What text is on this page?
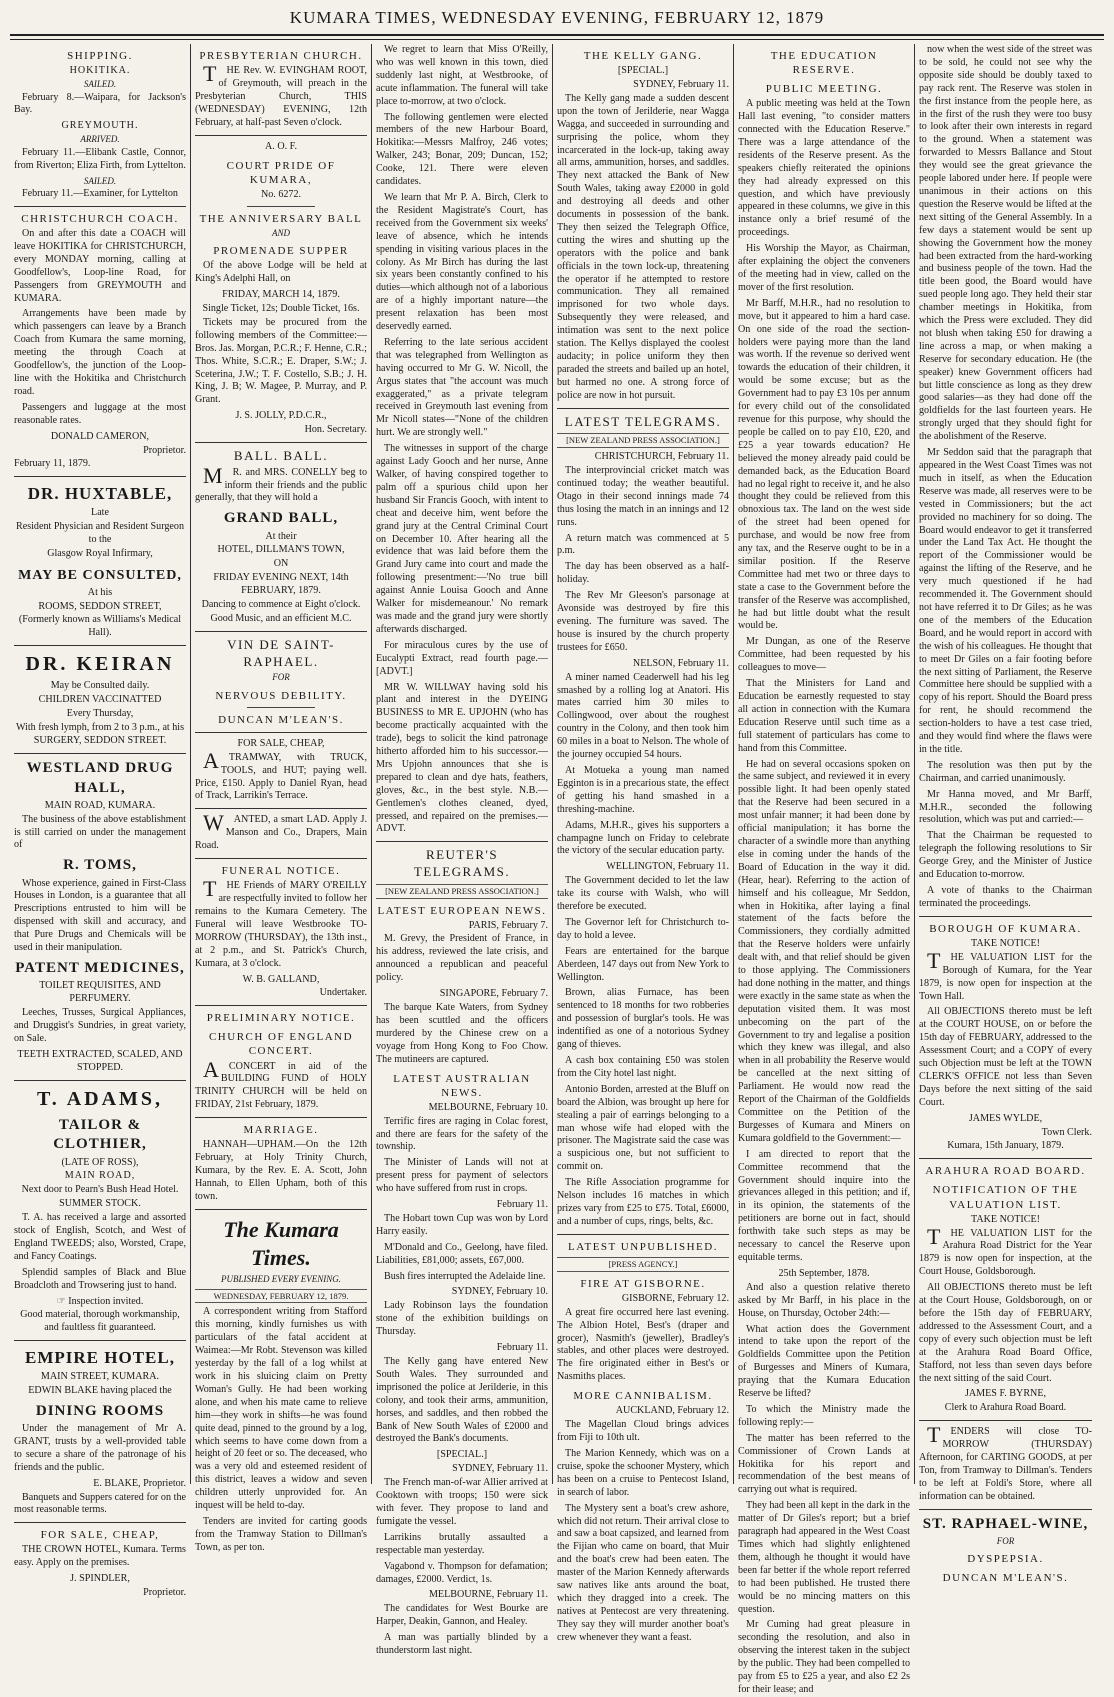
KUMARA TIMES, WEDNESDAY EVENING, FEBRUARY 12, 1879
SHIPPING.
HOKITIKA.
SAILED.

February 8.—Waipara, for Jackson's Bay.

GREYMOUTH.
ARRIVED.

February 11.—Elibank Castle, Connor, from Riverton; Eliza Firth, from Lyttelton.

SAILED.

February 11.—Examiner, for Lyttelton

CHRISTCHURCH COACH.

On and after this date a COACH will leave HOKITIKA for CHRISTCHURCH, every MONDAY morning, calling at Goodfellow's, Loop-line Road, for Passengers from GREYMOUTH and KUMARA.

Arrangements have been made by which passengers can leave by a Branch Coach from Kumara the same morning, meeting the through Coach at Goodfellow's, the junction of the Loop-line with the Hokitika and Christchurch road.

Passengers and luggage at the most reasonable rates.

DONALD CAMERON,
Proprietor.
February 11, 1879.
DR. HUXTABLE,
Late
Resident Physician and Resident Surgeon to the
Glasgow Royal Infirmary,
MAY BE CONSULTED,
At his
ROOMS, SEDDON STREET,
(Formerly known as Williams's Medical Hall).
DR. KEIRAN
May be Consulted daily.
CHILDREN VACCINATTED
Every Thursday,
With fresh lymph, from 2 to 3 p.m., at his
SURGERY, SEDDON STREET.
WESTLAND DRUG HALL,
MAIN ROAD, KUMARA.

The business of the above establishment is still carried on under the management of

R. TOMS,

Whose experience, gained in First-Class Houses in London, is a guarantee that all Prescriptions entrusted to him will be dispensed with skill and accuracy, and that Pure Drugs and Chemicals will be used in their manipulation.

PATENT MEDICINES,
TOILET REQUISITES, AND PERFUMERY.

Leeches, Trusses, Surgical Appliances, and Druggist's Sundries, in great variety, on Sale.

TEETH EXTRACTED, SCALED, AND STOPPED.
T. ADAMS,
TAILOR & CLOTHIER,
(LATE OF ROSS),
MAIN ROAD,
Next door to Pearn's Bush Head Hotel.
SUMMER STOCK.

T. A. has received a large and assorted stock of English, Scotch, and West of England TWEEDS; also, Worsted, Crape, and Fancy Coatings.

Splendid samples of Black and Blue Broadcloth and Trowsering just to hand.

☞ Inspection invited.
Good material, thorough workmanship, and faultless fit guaranteed.
EMPIRE HOTEL,
MAIN STREET, KUMARA.
EDWIN BLAKE having placed the
DINING ROOMS

Under the management of Mr A. GRANT, trusts by a well-provided table to secure a share of the patronage of his friends and the public.

E. BLAKE, Proprietor.

Banquets and Suppers catered for on the most reasonable terms.

FOR SALE, CHEAP,

THE CROWN HOTEL, Kumara. Terms easy. Apply on the premises.

J. SPINDLER,
Proprietor.
PRESBYTERIAN CHURCH.

THE Rev. W. EVINGHAM ROOT, of Greymouth, will preach in the Presbyterian Church, THIS (WEDNESDAY) EVENING, 12th February, at half-past Seven o'clock.

A. O. F.
COURT PRIDE OF KUMARA,
No. 6272.
THE ANNIVERSARY BALL
AND
PROMENADE SUPPER

Of the above Lodge will be held at King's Adelphi Hall, on

FRIDAY, MARCH 14, 1879.
Single Ticket, 12s; Double Ticket, 16s.

Tickets may be procured from the following members of the Committee:—Bros. Jas. Morgan, P.C.R.; F. Henne, C.R.; Thos. White, S.C.R.; E. Draper, S.W.; J. Sceterina, J.W.; T. F. Costello, S.B.; J. H. King, J. B; W. Magee, P. Murray, and P. Grant.

J. S. JOLLY, P.D.C.R.,
Hon. Secretary.
BALL. BALL.

MR. and MRS. CONELLY beg to inform their friends and the public generally, that they will hold a

GRAND BALL,
At their
HOTEL, DILLMAN'S TOWN,
ON
FRIDAY EVENING NEXT, 14th FEBRUARY, 1879.
Dancing to commence at Eight o'clock.
Good Music, and an efficient M.C.
VIN DE SAINT-RAPHAEL.
FOR
NERVOUS DEBILITY.
DUNCAN M'LEAN'S.
FOR SALE, CHEAP,

ATRAMWAY, with TRUCK, TOOLS, and HUT; paying well. Price, £150. Apply to Daniel Ryan, head of Track, Larrikin's Terrace.

WANTED, a smart LAD. Apply J. Manson and Co., Drapers, Main Road.

FUNERAL NOTICE.

THE Friends of MARY O'REILLY are respectfully invited to follow her remains to the Kumara Cemetery. The Funeral will leave Westbrooke TO-MORROW (THURSDAY), the 13th inst., at 2 p.m., and St. Patrick's Church, Kumara, at 3 o'clock.

W. B. GALLAND,
Undertaker.
PRELIMINARY NOTICE.
CHURCH OF ENGLAND CONCERT.

ACONCERT in aid of the BUILDING FUND of HOLY TRINITY CHURCH will be held on FRIDAY, 21st February, 1879.

MARRIAGE.

HANNAH—UPHAM.—On the 12th February, at Holy Trinity Church, Kumara, by the Rev. E. A. Scott, John Hannah, to Ellen Upham, both of this town.

The Kumara Times.
PUBLISHED EVERY EVENING.
WEDNESDAY, FEBRUARY 12, 1879.

A correspondent writing from Stafford this morning, kindly furnishes us with particulars of the fatal accident at Waimea:—Mr Robt. Stevenson was killed yesterday by the fall of a log whilst at work in his sluicing claim on Pretty Woman's Gully. He had been working alone, and when his mate came to relieve him—they work in shifts—he was found quite dead, pinned to the ground by a log, which seems to have come down from a height of 20 feet or so. The deceased, who was a very old and esteemed resident of this district, leaves a widow and seven children utterly unprovided for. An inquest will be held to-day.

Tenders are invited for carting goods from the Tramway Station to Dillman's Town, as per ton.

We regret to learn that Miss O'Reilly, who was well known in this town, died suddenly last night, at Westbrooke, of acute inflammation. The funeral will take place to-morrow, at two o'clock.

The following gentlemen were elected members of the new Harbour Board, Hokitika:—Messrs Malfroy, 246 votes; Walker, 243; Bonar, 209; Duncan, 152; Cooke, 121. There were eleven candidates.

We learn that Mr P. A. Birch, Clerk to the Resident Magistrate's Court, has received from the Government six weeks' leave of absence, which he intends spending in visiting various places in the colony. As Mr Birch has during the last six years been constantly confined to his duties—which although not of a laborious are of a highly important nature—the present relaxation has been most deservedly earned.

Referring to the late serious accident that was telegraphed from Wellington as having occurred to Mr G. W. Nicoll, the Argus states that "the account was much exaggerated," as a private telegram received in Greymouth last evening from Mr Nicoll states—"None of the children hurt. We are strongly well."

The witnesses in support of the charge against Lady Gooch and her nurse, Anne Walker, of having conspired together to palm off a spurious child upon her husband Sir Francis Gooch, with intent to cheat and deceive him, went before the grand jury at the Central Criminal Court on December 10. After hearing all the evidence that was laid before them the Grand Jury came into court and made the following presentment:—'No true bill against Annie Louisa Gooch and Anne Walker for misdemeanour.' No remark was made and the grand jury were shortly afterwards discharged.

For miraculous cures by the use of Eucalypti Extract, read fourth page.—[ADVT.]

MR W. WILLWAY having sold his plant and interest in the DYEING BUSINESS to MR E. UPJOHN (who has become practically acquainted with the trade), begs to solicit the kind patronage hitherto afforded him to his successor.—Mrs Upjohn announces that she is prepared to clean and dye hats, feathers, gloves, &c., in the best style. N.B.—Gentlemen's clothes cleaned, dyed, pressed, and repaired on the premises.—ADVT.

REUTER'S TELEGRAMS.
[NEW ZEALAND PRESS ASSOCIATION.]
LATEST EUROPEAN NEWS.
PARIS, February 7.

M. Grevy, the President of France, in his address, reviewed the late crisis, and announced a republican and peaceful policy.

SINGAPORE, February 7.

The barque Kate Waters, from Sydney has been scuttled and the officers murdered by the Chinese crew on a voyage from Hong Kong to Foo Chow. The mutineers are captured.

LATEST AUSTRALIAN NEWS.
MELBOURNE, February 10.

Terrific fires are raging in Colac forest, and there are fears for the safety of the township.

The Minister of Lands will not at present press for payment of selectors who have suffered from rust in crops.

February 11.

The Hobart town Cup was won by Lord Harry easily.

M'Donald and Co., Geelong, have filed. Liabilities, £81,000; assets, £67,000.

Bush fires interrupted the Adelaide line.

SYDNEY, February 10.

Lady Robinson lays the foundation stone of the exhibition buildings on Thursday.

February 11.

The Kelly gang have entered New South Wales. They surrounded and imprisoned the police at Jerilderie, in this colony, and took their arms, ammunition, horses, and saddles, and then robbed the Bank of New South Wales of £2000 and destroyed the Bank's documents.

[SPECIAL.]
SYDNEY, February 11.

The French man-of-war Allier arrived at Cooktown with troops; 150 were sick with fever. They propose to land and fumigate the vessel.

Larrikins brutally assaulted a respectable man yesterday.

Vagabond v. Thompson for defamation; damages, £2000. Verdict, 1s.

MELBOURNE, February 11.

The candidates for West Bourke are Harper, Deakin, Gannon, and Healey.

A man was partially blinded by a thunderstorm last night.

THE KELLY GANG.
[SPECIAL.]
SYDNEY, February 11.

The Kelly gang made a sudden descent upon the town of Jerilderie, near Wagga Wagga, and succeeded in surrounding and surprising the police, whom they incarcerated in the lock-up, taking away all arms, ammunition, horses, and saddles. They next attacked the Bank of New South Wales, taking away £2000 in gold and destroying all deeds and other documents in possession of the bank. They then seized the Telegraph Office, cutting the wires and shutting up the operators with the police and bank officials in the town lock-up, threatening the operator if he attempted to restore communication. They all remained imprisoned for two whole days. Subsequently they were released, and intimation was sent to the next police station. The Kellys displayed the coolest audacity; in police uniform they then paraded the streets and bailed up an hotel, but harmed no one. A strong force of police are now in hot pursuit.

LATEST TELEGRAMS.
[NEW ZEALAND PRESS ASSOCIATION.]
CHRISTCHURCH, February 11.

The interprovincial cricket match was continued today; the weather beautiful. Otago in their second innings made 74 thus losing the match in an innings and 12 runs.

A return match was commenced at 5 p.m.

The day has been observed as a half-holiday.

The Rev Mr Gleeson's parsonage at Avonside was destroyed by fire this evening. The furniture was saved. The house is insured by the church property trustees for £650.

NELSON, February 11.

A miner named Ceaderwell had his leg smashed by a rolling log at Anatori. His mates carried him 30 miles to Collingwood, over about the roughest country in the Colony, and then took him 60 miles in a boat to Nelson. The whole of the journey occupied 54 hours.

At Motueka a young man named Egginton is in a precarious state, the effect of getting his hand smashed in a threshing-machine.

Adams, M.H.R., gives his supporters a champagne lunch on Friday to celebrate the victory of the secular education party.

WELLINGTON, February 11.

The Government decided to let the law take its course with Walsh, who will therefore be executed.

The Governor left for Christchurch to-day to hold a levee.

Fears are entertained for the barque Aberdeen, 147 days out from New York to Wellington.

Brown, alias Furnace, has been sentenced to 18 months for two robberies and possession of burglar's tools. He was indentified as one of a notorious Sydney gang of thieves.

A cash box containing £50 was stolen from the City hotel last night.

Antonio Borden, arrested at the Bluff on board the Albion, was brought up here for stealing a pair of earrings belonging to a man whose wife had eloped with the prisoner. The Magistrate said the case was a suspicious one, but not sufficient to commit on.

The Rifle Association programme for Nelson includes 16 matches in which prizes vary from £25 to £75. Total, £6000, and a number of cups, rings, belts, &c.

LATEST UNPUBLISHED.
[PRESS AGENCY.]
FIRE AT GISBORNE.
GISBORNE, February 12.

A great fire occurred here last evening. The Albion Hotel, Best's (draper and grocer), Nasmith's (jeweller), Bradley's stables, and other places were destroyed. The fire originated either in Best's or Nasmiths places.

MORE CANNIBALISM.
AUCKLAND, February 12.

The Magellan Cloud brings advices from Fiji to 10th ult.

The Marion Kennedy, which was on a cruise, spoke the schooner Mystery, which has been on a cruise to Pentecost Island, in search of labor.

The Mystery sent a boat's crew ashore, which did not return. Their arrival close to and saw a boat capsized, and learned from the Fijian who came on board, that Muir and the boat's crew had been eaten. The master of the Marion Kennedy afterwards saw natives like ants around the boat, which they dragged into a creek. The natives at Pentecost are very threatening. They say they will murder another boat's crew whenever they want a feast.

THE EDUCATION RESERVE.
PUBLIC MEETING.

A public meeting was held at the Town Hall last evening, "to consider matters connected with the Education Reserve." There was a large attendance of the residents of the Reserve present. As the speakers chiefly reiterated the opinions they had already expressed on this question, and which have previously appeared in these columns, we give in this instance only a brief resumé of the proceedings.

His Worship the Mayor, as Chairman, after explaining the object the conveners of the meeting had in view, called on the mover of the first resolution.

Mr Barff, M.H.R., had no resolution to move, but it appeared to him a hard case. On one side of the road the section-holders were paying more than the land was worth. If the revenue so derived went towards the education of their children, it would be some excuse; but as the Government had to pay £3 10s per annum for every child out of the consolidated revenue for this purpose, why should the people be called on to pay £10, £20, and £25 a year towards education? He believed the money already paid could be demanded back, as the Education Board had no legal right to receive it, and he also thought they could be relieved from this obnoxious tax. The land on the west side of the street had been opened for purchase, and would be now free from any tax, and the Reserve ought to be in a similar position. If the Reserve Committee had met two or three days to state a case to the Government before the transfer of the Reserve was accomplished, he had but little doubt what the result would be.

Mr Dungan, as one of the Reserve Committee, had been requested by his colleagues to move—

That the Ministers for Land and Education be earnestly requested to stay all action in connection with the Kumara Education Reserve until such time as a full statement of particulars has come to hand from this Committee.

He had on several occasions spoken on the same subject, and reviewed it in every possible light. It had been openly stated that the Reserve had been secured in a most unfair manner; it had been done by official manipulation; it has borne the character of a swindle more than anything else in coming under the hands of the Board of Education in the way it did. (Hear, hear). Referring to the action of himself and his colleague, Mr Seddon, when in Hokitika, after laying a final statement of the facts before the Commissioners, they cordially admitted that the Reserve holders were unfairly dealt with, and that relief should be given to those applying. The Commissioners had done nothing in the matter, and things were exactly in the same state as when the deputation visited them. It was most unbecoming on the part of the Government to try and legalise a position which they knew was illegal, and also when in all probability the Reserve would be cancelled at the next sitting of Parliament. He would now read the Report of the Chairman of the Goldfields Committee on the Petition of the Burgesses of Kumara and Miners on Kumara goldfield to the Government:—

I am directed to report that the Committee recommend that the Government should inquire into the grievances alleged in this petition; and if, in its opinion, the statements of the petitioners are borne out in fact, should forthwith take such steps as may be necessary to cancel the Reserve upon equitable terms.

25th September, 1878.

And also a question relative thereto asked by Mr Barff, in his place in the House, on Thursday, October 24th:—

What action does the Government intend to take upon the report of the Goldfields Committee upon the Petition of Burgesses and Miners of Kumara, praying that the Kumara Education Reserve be lifted?

To which the Ministry made the following reply:—

The matter has been referred to the Commissioner of Crown Lands at Hokitika for his report and recommendation of the best means of carrying out what is required.

They had been all kept in the dark in the matter of Dr Giles's report; but a brief paragraph had appeared in the West Coast Times which had slightly enlightened them, although he thought it would have been far better if the whole report referred to had been published. He trusted there would be no mincing matters on this question.

Mr Cuming had great pleasure in seconding the resolution, and also in observing the interest taken in the subject by the public. They had been compelled to pay from £5 to £25 a year, and also £2 2s for their lease; and

now when the west side of the street was to be sold, he could not see why the opposite side should be doubly taxed to pay rack rent. The Reserve was stolen in the first instance from the people here, as in the first of the rush they were too busy to look after their own interests in regard to the ground. When a statement was forwarded to Messrs Ballance and Stout they would see the great grievance the people labored under here. If people were unanimous in their actions on this question the Reserve would be lifted at the next sitting of the General Assembly. In a few days a statement would be sent up showing the Government how the money had been extracted from the hard-working and business people of the town. Had the title been good, the Board would have sued people long ago. They held their star chamber meetings in Hokitika, from which the Press were excluded. They did not blush when taking £50 for drawing a line across a map, or when making a Reserve for secondary education. He (the speaker) knew Government officers had but little conscience as long as they drew good salaries—as they had done off the goldfields for the last fourteen years. He strongly urged that they should fight for the abolishment of the Reserve.

Mr Seddon said that the paragraph that appeared in the West Coast Times was not much in itself, as when the Education Reserve was made, all reserves were to be vested in Commissioners; but the act provided no machinery for so doing. The Board would endeavor to get it transferred under the Land Tax Act. He thought the report of the Commissioner would be against the lifting of the Reserve, and he very much questioned if he had recommended it. The Government should not have referred it to Dr Giles; as he was one of the members of the Education Board, and he would report in accord with the wish of his colleagues. He thought that to meet Dr Giles on a fair footing before the next sitting of Parliament, the Reserve Committee here should be supplied with a copy of his report. Should the Board press for rent, he should recommend the section-holders to have a test case tried, and they would find where the flaws were in the title.

The resolution was then put by the Chairman, and carried unanimously.

Mr Hanna moved, and Mr Barff, M.H.R., seconded the following resolution, which was put and carried:—

That the Chairman be requested to telegraph the following resolutions to Sir George Grey, and the Minister of Justice and Education to-morrow.

A vote of thanks to the Chairman terminated the proceedings.

BOROUGH OF KUMARA.
TAKE NOTICE!

THE VALUATION LIST for the Borough of Kumara, for the Year 1879, is now open for inspection at the Town Hall.

All OBJECTIONS thereto must be left at the COURT HOUSE, on or before the 15th day of FEBRUARY, addressed to the Assessment Court; and a COPY of every such Objection must be left at the TOWN CLERK'S OFFICE not less than Seven Days before the next sitting of the said Court.

JAMES WYLDE,
Town Clerk.
Kumara, 15th January, 1879.
ARAHURA ROAD BOARD.
NOTIFICATION OF THE VALUATION LIST.
TAKE NOTICE!

THE VALUATION LIST for the Arahura Road District for the Year 1879 is now open for inspection, at the Court House, Goldsborough.

All OBJECTIONS thereto must be left at the Court House, Goldsborough, on or before the 15th day of FEBRUARY, addressed to the Assessment Court, and a copy of every such objection must be left at the Arahura Road Board Office, Stafford, not less than seven days before the next sitting of the said Court.

JAMES F. BYRNE,
Clerk to Arahura Road Board.

TENDERS will close TO-MORROW (THURSDAY) Afternoon, for CARTING GOODS, at per Ton, from Tramway to Dillman's. Tenders to be left at Foldi's Store, where all information can be obtained.

ST. RAPHAEL-WINE,
FOR
DYSPEPSIA.
DUNCAN M'LEAN'S.
